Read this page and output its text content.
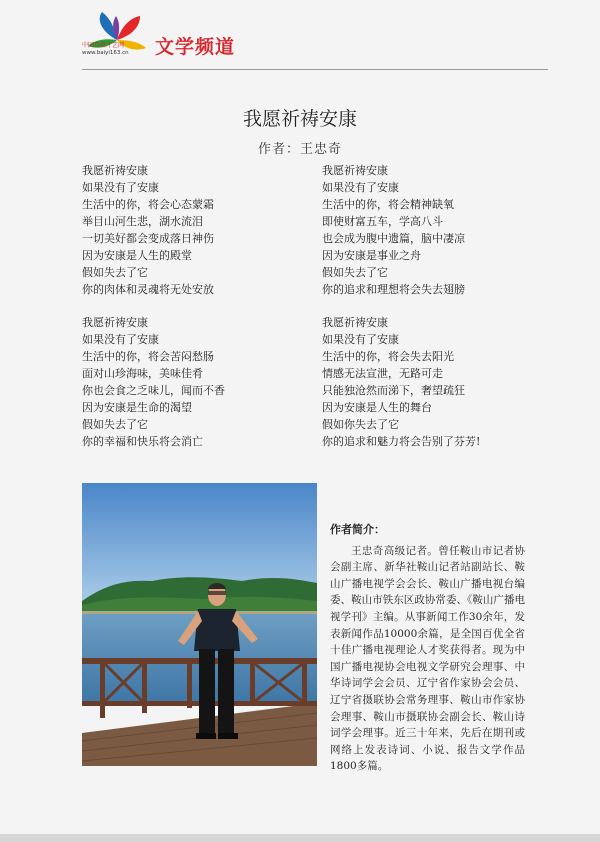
中国百姓才艺网
www.baiyi163.cn 文学频道
我愿祈祷安康
作者：王忠奇
我愿祈祷安康
如果没有了安康
生活中的你，将会心态蒙霜
举目山河生悲，湖水流泪
一切美好都会变成落日神伤
因为安康是人生的殿堂
假如失去了它
你的肉体和灵魂将无处安放
我愿祈祷安康
如果没有了安康
生活中的你，将会苦闷愁肠
面对山珍海味，美味佳肴
你也会食之乏味儿，闻而不香
因为安康是生命的渴望
假如失去了它
你的幸福和快乐将会消亡
我愿祈祷安康
如果没有了安康
生活中的你，将会精神缺氧
即使财富五车，学高八斗
也会成为腹中遗篇，脑中凄凉
因为安康是事业之舟
假如失去了它
你的追求和理想将会失去翅膀
我愿祈祷安康
如果没有了安康
生活中的你，将会失去阳光
情感无法宣泄，无路可走
只能独沧然而涕下，奢望疏狂
因为安康是人生的舞台
假如你失去了它
你的追求和魅力将会告别了芬芳!
作者简介：
王忠奇高级记者。曾任鞍山市记者协会副主席、新华社鞍山记者站副站长、鞍山广播电视学会会长、鞍山广播电视台编委、鞍山市铁东区政协常委、《鞍山广播电视学刊》主编。从事新闻工作30余年，发表新闻作品10000余篇，是全国百优全省十佳广播电视理论人才奖获得者。现为中国广播电视协会电视文学研究会理事、中华诗词学会会员、辽宁省作家协会会员、辽宁省摄联协会常务理事、鞍山市作家协会理事、鞍山市摄联协会副会长、鞍山诗词学会理事。近三十年来，先后在期刊或网络上发表诗词、小说、报告文学作品1800多篇。
